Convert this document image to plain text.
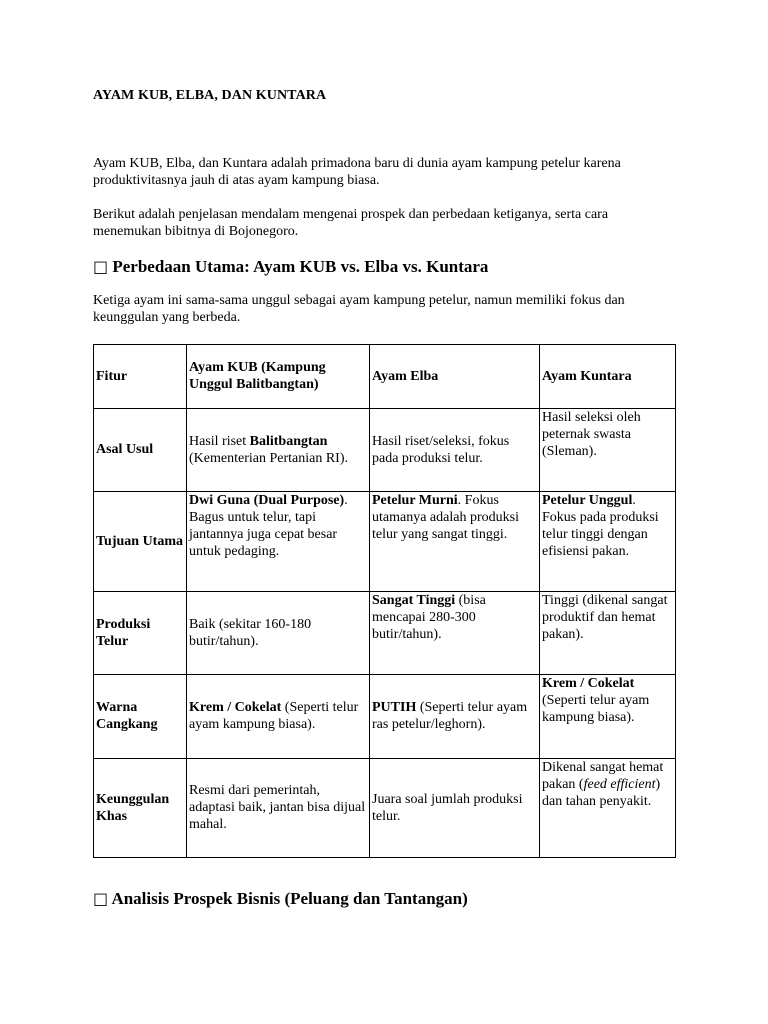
AYAM KUB, ELBA, DAN KUNTARA
Ayam KUB, Elba, dan Kuntara adalah primadona baru di dunia ayam kampung petelur karena produktivitasnya jauh di atas ayam kampung biasa.
Berikut adalah penjelasan mendalam mengenai prospek dan perbedaan ketiganya, serta cara menemukan bibitnya di Bojonegoro.
□ Perbedaan Utama: Ayam KUB vs. Elba vs. Kuntara
Ketiga ayam ini sama-sama unggul sebagai ayam kampung petelur, namun memiliki fokus dan keunggulan yang berbeda.
□ Analisis Prospek Bisnis (Peluang dan Tantangan)
Fitur	Ayam KUB (Kampung Unggul Balitbangtan)	Ayam Elba	Ayam Kuntara
Asal Usul	Hasil riset Balitbangtan (Kementerian Pertanian RI).	Hasil riset/seleksi, fokus pada produksi telur.	Hasil seleksi oleh peternak swasta (Sleman).
Tujuan Utama	Dwi Guna (Dual Purpose). Bagus untuk telur, tapi jantannya juga cepat besar untuk pedaging.	Petelur Murni. Fokus utamanya adalah produksi telur yang sangat tinggi.	Petelur Unggul. Fokus pada produksi telur tinggi dengan efisiensi pakan.
Produksi Telur	Baik (sekitar 160-180 butir/tahun).	Sangat Tinggi (bisa mencapai 280-300 butir/tahun).	Tinggi (dikenal sangat produktif dan hemat pakan).
Warna Cangkang	Krem / Cokelat (Seperti telur ayam kampung biasa).	PUTIH (Seperti telur ayam ras petelur/leghorn).	Krem / Cokelat (Seperti telur ayam kampung biasa).
Keunggulan Khas	Resmi dari pemerintah, adaptasi baik, jantan bisa dijual mahal.	Juara soal jumlah produksi telur.	Dikenal sangat hemat pakan (feed efficient) dan tahan penyakit.
